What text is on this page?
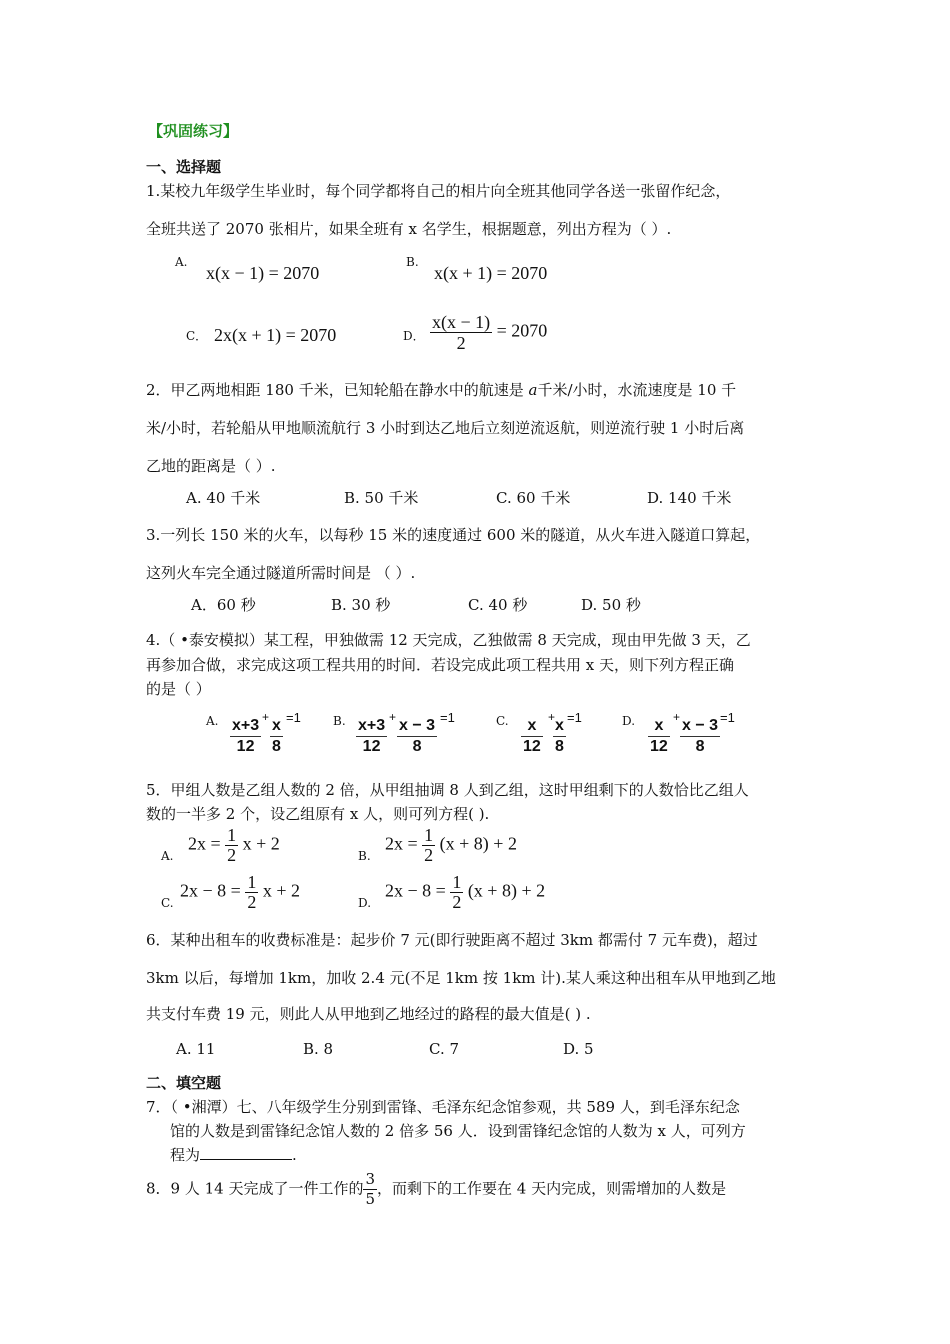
【巩固练习】
一、选择题
1.某校九年级学生毕业时，每个同学都将自己的相片向全班其他同学各送一张留作纪念，
全班共送了 2070 张相片，如果全班有 x 名学生，根据题意，列出方程为（ ）.
A.
x(x − 1) = 2070
B.
x(x + 1) = 2070
C． 2x(x + 1) = 2070	D． $\frac{x(x - 1)}{2} = 2070$
2．甲乙两地相距 180 千米，已知轮船在静水中的航速是 a千米/小时，水流速度是 10 千
米/小时，若轮船从甲地顺流航行 3 小时到达乙地后立刻逆流返航，则逆流行驶 1 小时后离
乙地的距离是（ ）.
A. 40 千米	B. 50 千米	C. 60 千米	D. 140 千米
3.一列长 150 米的火车，以每秒 15 米的速度通过 600 米的隧道，从火车进入隧道口算起，
这列火车完全通过隧道所需时间是 （ ）.
A．60 秒	B. 30 秒	C. 40 秒	D. 50 秒
4.（ •泰安模拟）某工程，甲独做需 12 天完成，乙独做需 8 天完成，现由甲先做 3 天，乙
再参加合做，求完成这项工程共用的时间．若设完成此项工程共用 x 天，则下列方程正确
的是（ ）
A. $\frac{x+3}{12} + \frac{x}{8} =1$	B. $\frac{x+3}{12} + \frac{x - 3}{8} =1$	C. $\frac{x}{12}$ +
$\frac{x}{8} =1$	D. $\frac{x}{12} + \frac{x - 3}{8} =1$
5．甲组人数是乙组人数的 2 倍，从甲组抽调 8 人到乙组，这时甲组剩下的人数恰比乙组人
数的一半多 2 个，设乙组原有 x 人，则可列方程( ).
A.
$2x = \frac{1}{2}$ x + 2
B.
$2x = \frac{1}{2} (x + 8) + 2$
C.
$2x - 8 = \frac{1}{2}$ x + 2
D.
$2x - 8 = \frac{1}{2} (x + 8) + 2$
6．某种出租车的收费标准是：起步价 7 元(即行驶距离不超过 3km 都需付 7 元车费)，超过
3km 以后，每增加 1km，加收 2.4 元(不足 1km 按 1km 计).某人乘这种出租车从甲地到乙地
共支付车费 19 元，则此人从甲地到乙地经过的路程的最大值是( ) .
A. 11	B. 8	C. 7	D. 5
二、填空题
7．（ •湘潭）七、八年级学生分别到雷锋、毛泽东纪念馆参观，共 589 人，到毛泽东纪念
馆的人数是到雷锋纪念馆人数的 2 倍多 56 人．设到雷锋纪念馆的人数为 x 人，可列方
程为	.
8．9 人 14 天完成了一件工作的 $\frac{3}{5}$ ，而剩下的工作要在 4 天内完成，则需增加的人数是
